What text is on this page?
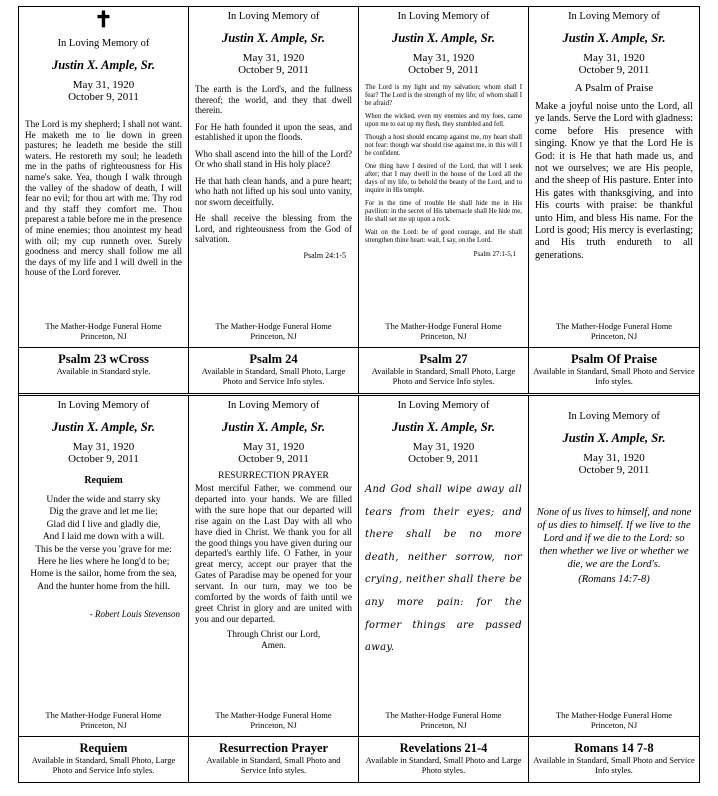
✝
In Loving Memory of
Justin X. Ample, Sr.
May 31, 1920
October 9, 2011
The Lord is my shepherd; I shall not want. He maketh me to lie down in green pastures; he leadeth me beside the still waters. He restoreth my soul; he leadeth me in the paths of righteousness for His name's sake. Yea, though I walk through the valley of the shadow of death, I will fear no evil; for thou art with me. Thy rod and thy staff they comfort me. Thou preparest a table before me in the presence of mine enemies; thou anointest my head with oil; my cup runneth over. Surely goodness and mercy shall follow me all the days of my life and I will dwell in the house of the Lord forever.
The Mather-Hodge Funeral Home
Princeton, NJ
In Loving Memory of
Justin X. Ample, Sr.
May 31, 1920
October 9, 2011

The earth is the Lord's, and the fullness thereof; the world, and they that dwell therein.

For He hath founded it upon the seas, and established it upon the floods.

Who shall ascend into the hill of the Lord? Or who shall stand in His holy place?

He that hath clean hands, and a pure heart; who hath not lifted up his soul unto vanity, nor sworn deceitfully.

He shall receive the blessing from the Lord, and righteousness from the God of salvation.

Psalm 24:1-5
The Mather-Hodge Funeral Home
Princeton, NJ
In Loving Memory of
Justin X. Ample, Sr.
May 31, 1920
October 9, 2011

The Lord is my light and my salvation; whom shall I fear? The Lord is the strength of my life; of whom shall I be afraid?

When the wicked, even my enemies and my foes, came upon me to eat up my flesh, they stumbled and fell.

Though a host should encamp against me, my heart shall not fear: though war should rise against me, in this will I be confident.

One thing have I desired of the Lord, that will I seek after; that I may dwell in the house of the Lord all the days of my life, to behold the beauty of the Lord, and to inquire in His temple.

For in the time of trouble He shall hide me in His pavilion: in the secret of His tabernacle shall He hide me, He shall set me up upon a rock.

Wait on the Lord: be of good courage, and He shall strengthen thine heart: wait, I say, on the Lord.

Psalm 27:1-5,1
The Mather-Hodge Funeral Home
Princeton, NJ
In Loving Memory of
Justin X. Ample, Sr.
May 31, 1920
October 9, 2011
A Psalm of Praise
Make a joyful noise unto the Lord, all ye lands. Serve the Lord with gladness: come before His presence with singing. Know ye that the Lord He is God: it is He that hath made us, and not we ourselves; we are His people, and the sheep of His pasture. Enter into His gates with thanksgiving, and into His courts with praise: be thankful unto Him, and bless His name. For the Lord is good; His mercy is everlasting; and His truth endureth to all generations.
The Mather-Hodge Funeral Home
Princeton, NJ
Psalm 23 wCross
Available in Standard style.
Psalm 24
Available in Standard, Small Photo, Large Photo and Service Info styles.
Psalm 27
Available in Standard, Small Photo, Large Photo and Service Info styles.
Psalm Of Praise
Available in Standard, Small Photo and Service Info styles.
In Loving Memory of
Justin X. Ample, Sr.
May 31, 1920
October 9, 2011
Requiem
Under the wide and starry sky
Dig the grave and let me lie;
Glad did I live and gladly die,
And I laid me down with a will.
This be the verse you 'grave for me:
Here he lies where he long'd to be;
Home is the sailor, home from the sea,
And the hunter home from the hill.
- Robert Louis Stevenson
The Mather-Hodge Funeral Home
Princeton, NJ
In Loving Memory of
Justin X. Ample, Sr.
May 31, 1920
October 9, 2011
RESURRECTION PRAYER
Most merciful Father, we commend our departed into your hands. We are filled with the sure hope that our departed will rise again on the Last Day with all who have died in Christ. We thank you for all the good things you have given during our departed's earthly life. O Father, in your great mercy, accept our prayer that the Gates of Paradise may be opened for your servant. In our turn, may we too be comforted by the words of faith until we greet Christ in glory and are united with you and our departed.
Through Christ our Lord,
Amen.
The Mather-Hodge Funeral Home
Princeton, NJ
In Loving Memory of
Justin X. Ample, Sr.
May 31, 1920
October 9, 2011
And God shall wipe away all tears from their eyes; and there shall be no more death, neither sorrow, nor crying, neither shall there be any more pain: for the former things are passed away.
The Mather-Hodge Funeral Home
Princeton, NJ
In Loving Memory of
Justin X. Ample, Sr.
May 31, 1920
October 9, 2011
None of us lives to himself, and none of us dies to himself. If we live to the Lord and if we die to the Lord: so then whether we live or whether we die, we are the Lord's.
(Romans 14:7-8)
The Mather-Hodge Funeral Home
Princeton, NJ
Requiem
Available in Standard, Small Photo, Large Photo and Service Info styles.
Resurrection Prayer
Available in Standard, Small Photo and Service Info styles.
Revelations 21-4
Available in Standard, Small Photo and Large Photo styles.
Romans 14 7-8
Available in Standard, Small Photo and Service Info styles.
